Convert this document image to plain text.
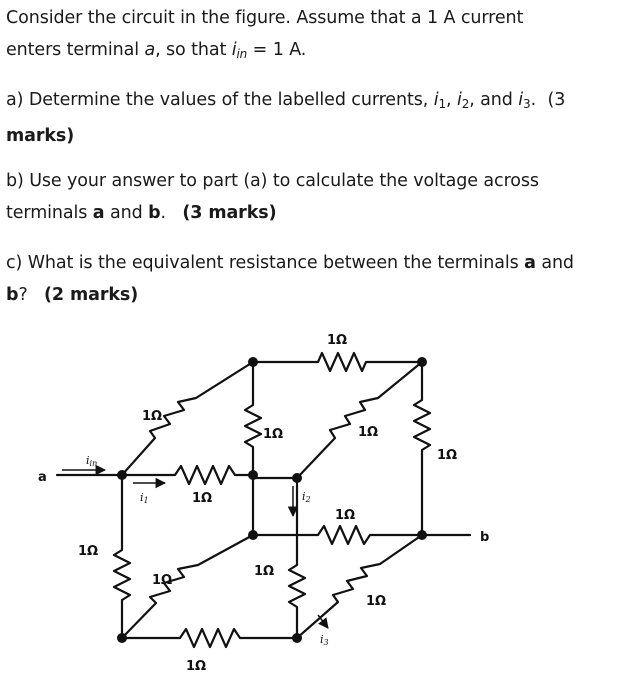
Consider the circuit in the figure. Assume that a 1 A current
enters terminal a, so that $i_{in} = 1$ A.

a) Determine the values of the labelled currents, $i_1$, $i_2$, and $i_3$. (3
marks)

b) Use your answer to part (a) to calculate the voltage across
terminals a and b. (3 marks)

c) What is the equivalent resistance between the terminals a and
b? (2 marks)

a
b
iin
i1	i2
i3
1Ω
1Ω
1Ω	1Ω
1Ω
1Ω
1Ω
1Ω
1Ω
1Ω
1Ω
1Ω
